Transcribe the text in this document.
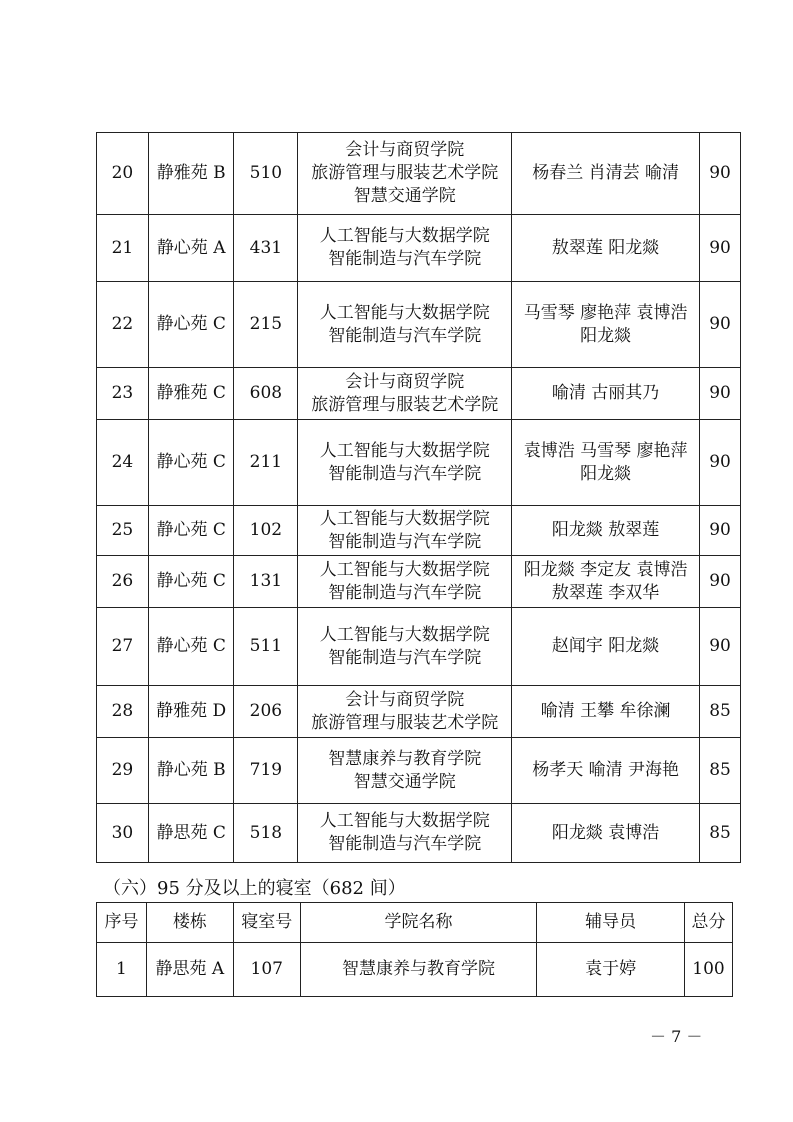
20	静雅苑 B	510	会计与商贸学院
旅游管理与服装艺术学院
智慧交通学院	杨春兰 肖清芸 喻清	90
21	静心苑 A	431	人工智能与大数据学院
智能制造与汽车学院	敖翠莲 阳龙燚	90
22	静心苑 C	215	人工智能与大数据学院
智能制造与汽车学院	马雪琴 廖艳萍 袁博浩
阳龙燚	90
23	静雅苑 C	608	会计与商贸学院
旅游管理与服装艺术学院	喻清 古丽其乃	90
24	静心苑 C	211	人工智能与大数据学院
智能制造与汽车学院	袁博浩 马雪琴 廖艳萍
阳龙燚	90
25	静心苑 C	102	人工智能与大数据学院
智能制造与汽车学院	阳龙燚 敖翠莲	90
26	静心苑 C	131	人工智能与大数据学院
智能制造与汽车学院	阳龙燚 李定友 袁博浩
敖翠莲 李双华	90
27	静心苑 C	511	人工智能与大数据学院
智能制造与汽车学院	赵闻宇 阳龙燚	90
28	静雅苑 D	206	会计与商贸学院
旅游管理与服装艺术学院	喻清 王攀 牟徐澜	85
29	静心苑 B	719	智慧康养与教育学院
智慧交通学院	杨孝天 喻清 尹海艳	85
30	静思苑 C	518	人工智能与大数据学院
智能制造与汽车学院	阳龙燚 袁博浩	85
（六）95 分及以上的寝室（682 间）
序号	楼栋	寝室号	学院名称	辅导员	总分
1	静思苑 A	107	智慧康养与教育学院	袁于婷	100
－ 7 －
